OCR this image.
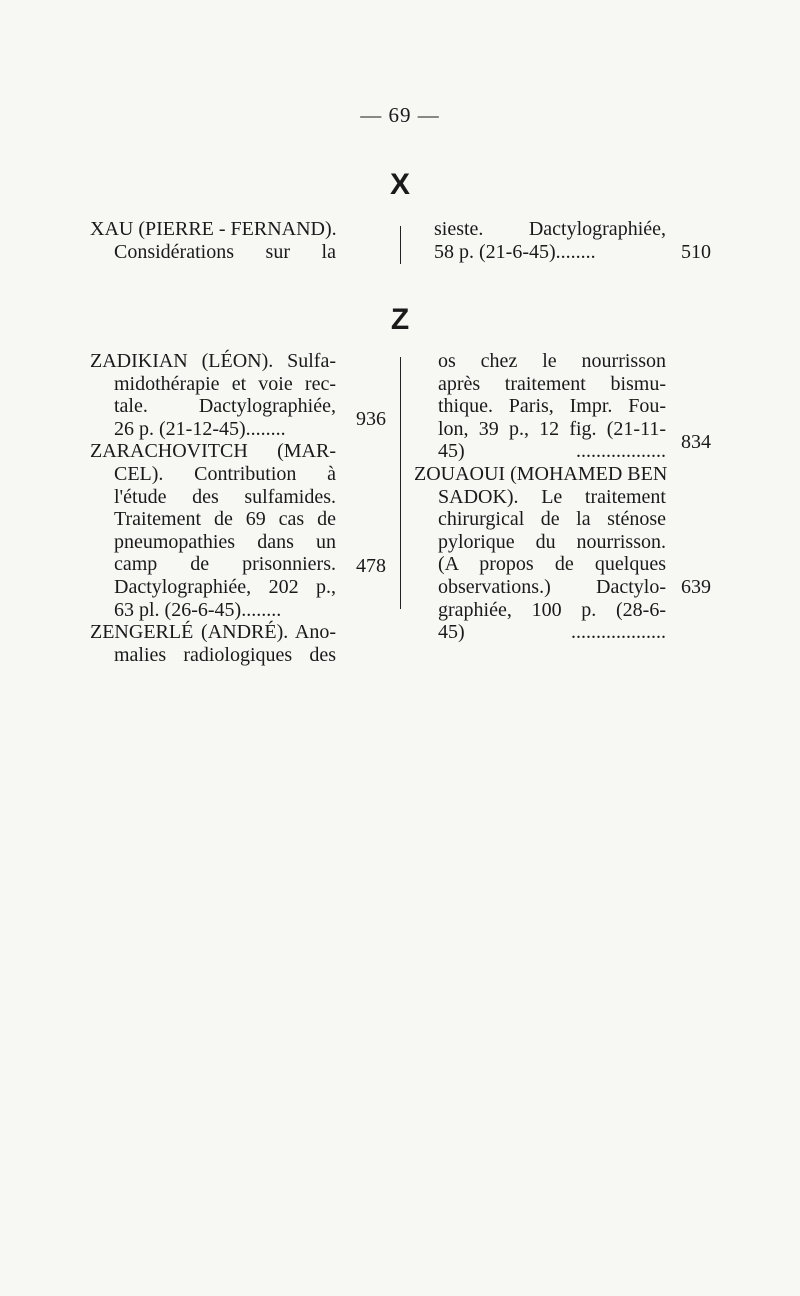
— 69 —
X
XAU (PIERRE - FERNAND).
Considérations sur la
sieste. Dactylographiée,
58 p. (21-6-45)........	510
Z
ZADIKIAN (LÉON). Sulfa-
midothérapie et voie rec-
tale. Dactylographiée,
26 p. (21-12-45)........
ZARACHOVITCH (MAR-
CEL). Contribution à
l'étude des sulfamides.
Traitement de 69 cas de
pneumopathies dans un
camp de prisonniers.
Dactylographiée, 202 p.,
63 pl. (26-6-45)........
ZENGERLÉ (ANDRÉ). Ano-
malies radiologiques des
936
478
os chez le nourrisson
après traitement bismu-
thique. Paris, Impr. Fou-
lon, 39 p., 12 fig. (21-11-
45) ..................
ZOUAOUI (MOHAMED BEN
SADOK). Le traitement
chirurgical de la sténose
pylorique du nourrisson.
(A propos de quelques
observations.) Dactylo-
graphiée, 100 p. (28-6-
45) ...................
834
639
